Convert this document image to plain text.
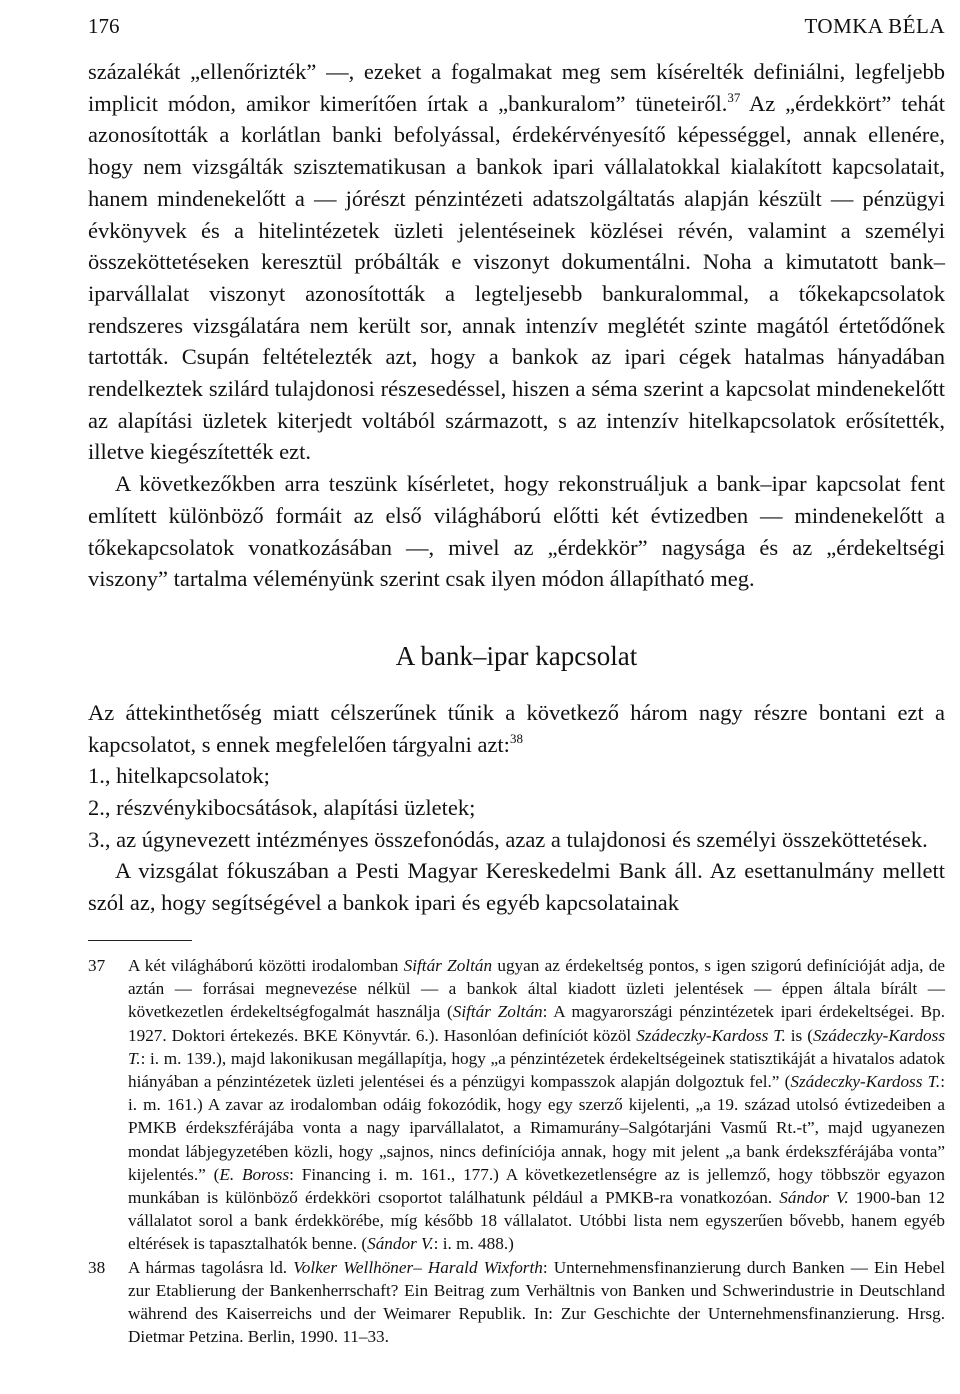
176	TOMKA BÉLA

százalékát „ellenőrizték” —, ezeket a fogalmakat meg sem kísérelték definiálni, legfeljebb implicit módon, amikor kimerítően írtak a „bankuralom” tüneteiről.$^{37}$ Az „érdekkört” tehát azonosították a korlátlan banki befolyással, érdekérvényesítő képességgel, annak ellenére, hogy nem vizsgálták szisztematikusan a bankok ipari vállalatokkal kialakított kapcsolatait, hanem mindenekelőtt a — jórészt pénzintézeti adatszolgáltatás alapján készült — pénzügyi évkönyvek és a hitelintézetek üzleti jelentéseinek közlései révén, valamint a személyi összeköttetéseken keresztül próbálták e viszonyt dokumentálni. Noha a kimutatott bank–iparvállalat viszonyt azonosították a legteljesebb bankuralommal, a tőkekapcsolatok rendszeres vizsgálatára nem került sor, annak intenzív meglétét szinte magától értetődőnek tartották. Csupán feltételezték azt, hogy a bankok az ipari cégek hatalmas hányadában rendelkeztek szilárd tulajdonosi részesedéssel, hiszen a séma szerint a kapcsolat mindenekelőtt az alapítási üzletek kiterjedt voltából származott, s az intenzív hitelkapcsolatok erősítették, illetve kiegészítették ezt.

A következőkben arra teszünk kísérletet, hogy rekonstruáljuk a bank–ipar kapcsolat fent említett különböző formáit az első világháború előtti két évtizedben — mindenekelőtt a tőkekapcsolatok vonatkozásában —, mivel az „érdekkör” nagysága és az „érdekeltségi viszony” tartalma véleményünk szerint csak ilyen módon állapítható meg.

A bank–ipar kapcsolat

Az áttekinthetőség miatt célszerűnek tűnik a következő három nagy részre bontani ezt a kapcsolatot, s ennek megfelelően tárgyalni azt:$^{38}$

1., hitelkapcsolatok;

2., részvénykibocsátások, alapítási üzletek;

3., az úgynevezett intézményes összefonódás, azaz a tulajdonosi és személyi összeköttetések.

A vizsgálat fókuszában a Pesti Magyar Kereskedelmi Bank áll. Az esettanulmány mellett szól az, hogy segítségével a bankok ipari és egyéb kapcsolatainak

37 A két világháború közötti irodalomban Siftár Zoltán ugyan az érdekeltség pontos, s igen szigorú definícióját adja, de aztán — forrásai megnevezése nélkül — a bankok által kiadott üzleti jelentések — éppen általa bírált — következetlen érdekeltségfogalmát használja (Siftár Zoltán: A magyarországi pénzintézetek ipari érdekeltségei. Bp. 1927. Doktori értekezés. BKE Könyvtár. 6.). Hasonlóan definíciót közöl Szádeczky-Kardoss T. is (Szádeczky-Kardoss T.: i. m. 139.), majd lakonikusan megállapítja, hogy „a pénzintézetek érdekeltségeinek statisztikáját a hivatalos adatok hiányában a pénzintézetek üzleti jelentései és a pénzügyi kompasszok alapján dolgoztuk fel.” (Szádeczky-Kardoss T.: i. m. 161.) A zavar az irodalomban odáig fokozódik, hogy egy szerző kijelenti, „a 19. század utolsó évtizedeiben a PMKB érdekszférájába vonta a nagy iparvállalatot, a Rimamurány–Salgótarjáni Vasmű Rt.-t”, majd ugyanezen mondat lábjegyzetében közli, hogy „sajnos, nincs definíciója annak, hogy mit jelent „a bank érdekszférájába vonta” kijelentés.” (E. Boross: Financing i. m. 161., 177.) A következetlenségre az is jellemző, hogy többször egyazon munkában is különböző érdekköri csoportot találhatunk például a PMKB-ra vonatkozóan. Sándor V. 1900-ban 12 vállalatot sorol a bank érdekkörébe, míg később 18 vállalatot. Utóbbi lista nem egyszerűen bővebb, hanem egyéb eltérések is tapasztalhatók benne. (Sándor V.: i. m. 488.)

38 A hármas tagolásra ld. Volker Wellhöner– Harald Wixforth: Unternehmensfinanzierung durch Banken — Ein Hebel zur Etablierung der Bankenherrschaft? Ein Beitrag zum Verhältnis von Banken und Schwerindustrie in Deutschland während des Kaiserreichs und der Weimarer Republik. In: Zur Geschichte der Unternehmensfinanzierung. Hrsg. Dietmar Petzina. Berlin, 1990. 11–33.
